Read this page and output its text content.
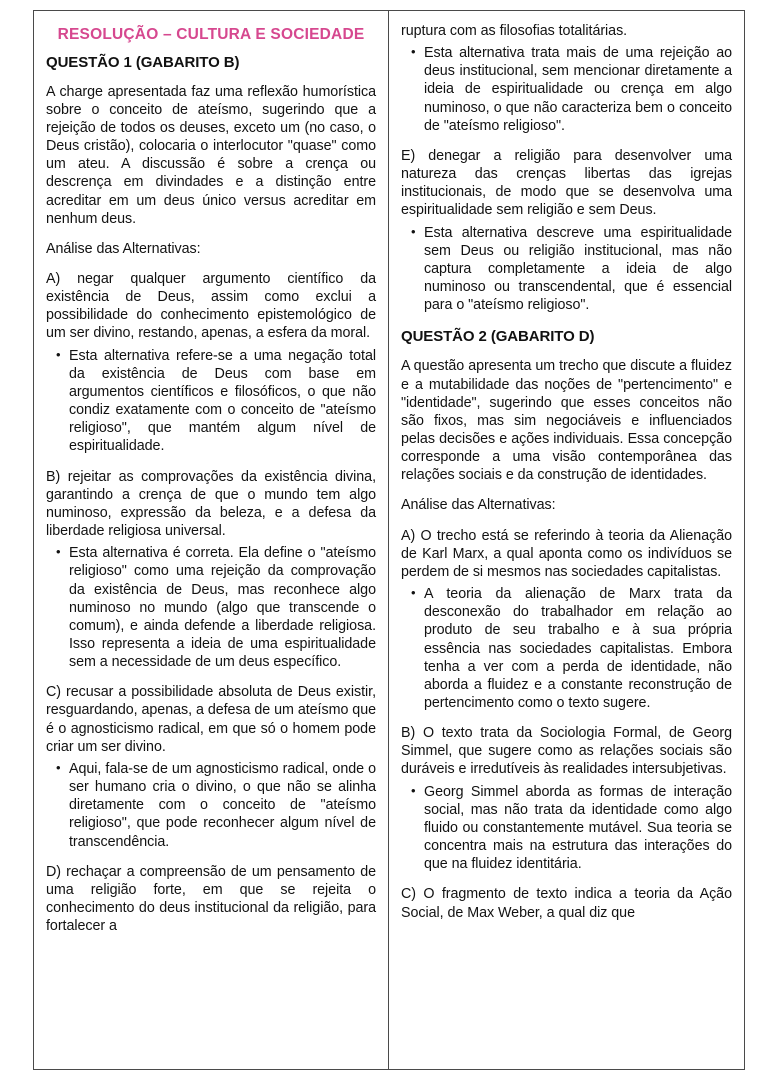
RESOLUÇÃO – CULTURA E SOCIEDADE
QUESTÃO 1 (GABARITO B)

A charge apresentada faz uma reflexão humorística sobre o conceito de ateísmo, sugerindo que a rejeição de todos os deuses, exceto um (no caso, o Deus cristão), colocaria o interlocutor "quase" como um ateu. A discussão é sobre a crença ou descrença em divindades e a distinção entre acreditar em um deus único versus acreditar em nenhum deus.

Análise das Alternativas:

A) negar qualquer argumento científico da existência de Deus, assim como exclui a possibilidade do conhecimento epistemológico de um ser divino, restando, apenas, a esfera da moral.

• Esta alternativa refere-se a uma negação total da existência de Deus com base em argumentos científicos e filosóficos, o que não condiz exatamente com o conceito de "ateísmo religioso", que mantém algum nível de espiritualidade.

B) rejeitar as comprovações da existência divina, garantindo a crença de que o mundo tem algo numinoso, expressão da beleza, e a defesa da liberdade religiosa universal.

• Esta alternativa é correta. Ela define o "ateísmo religioso" como uma rejeição da comprovação da existência de Deus, mas reconhece algo numinoso no mundo (algo que transcende o comum), e ainda defende a liberdade religiosa. Isso representa a ideia de uma espiritualidade sem a necessidade de um deus específico.

C) recusar a possibilidade absoluta de Deus existir, resguardando, apenas, a defesa de um ateísmo que é o agnosticismo radical, em que só o homem pode criar um ser divino.

• Aqui, fala-se de um agnosticismo radical, onde o ser humano cria o divino, o que não se alinha diretamente com o conceito de "ateísmo religioso", que pode reconhecer algum nível de transcendência.

D) rechaçar a compreensão de um pensamento de uma religião forte, em que se rejeita o conhecimento do deus institucional da religião, para fortalecer a

ruptura com as filosofias totalitárias.

• Esta alternativa trata mais de uma rejeição ao deus institucional, sem mencionar diretamente a ideia de espiritualidade ou crença em algo numinoso, o que não caracteriza bem o conceito de "ateísmo religioso".

E) denegar a religião para desenvolver uma natureza das crenças libertas das igrejas institucionais, de modo que se desenvolva uma espiritualidade sem religião e sem Deus.

• Esta alternativa descreve uma espiritualidade sem Deus ou religião institucional, mas não captura completamente a ideia de algo numinoso ou transcendental, que é essencial para o "ateísmo religioso".
QUESTÃO 2 (GABARITO D)

A questão apresenta um trecho que discute a fluidez e a mutabilidade das noções de "pertencimento" e "identidade", sugerindo que esses conceitos não são fixos, mas sim negociáveis e influenciados pelas decisões e ações individuais. Essa concepção corresponde a uma visão contemporânea das relações sociais e da construção de identidades.

Análise das Alternativas:

A) O trecho está se referindo à teoria da Alienação de Karl Marx, a qual aponta como os indivíduos se perdem de si mesmos nas sociedades capitalistas.

• A teoria da alienação de Marx trata da desconexão do trabalhador em relação ao produto de seu trabalho e à sua própria essência nas sociedades capitalistas. Embora tenha a ver com a perda de identidade, não aborda a fluidez e a constante reconstrução de pertencimento como o texto sugere.

B) O texto trata da Sociologia Formal, de Georg Simmel, que sugere como as relações sociais são duráveis e irredutíveis às realidades intersubjetivas.

• Georg Simmel aborda as formas de interação social, mas não trata da identidade como algo fluido ou constantemente mutável. Sua teoria se concentra mais na estrutura das interações do que na fluidez identitária.

C) O fragmento de texto indica a teoria da Ação Social, de Max Weber, a qual diz que
